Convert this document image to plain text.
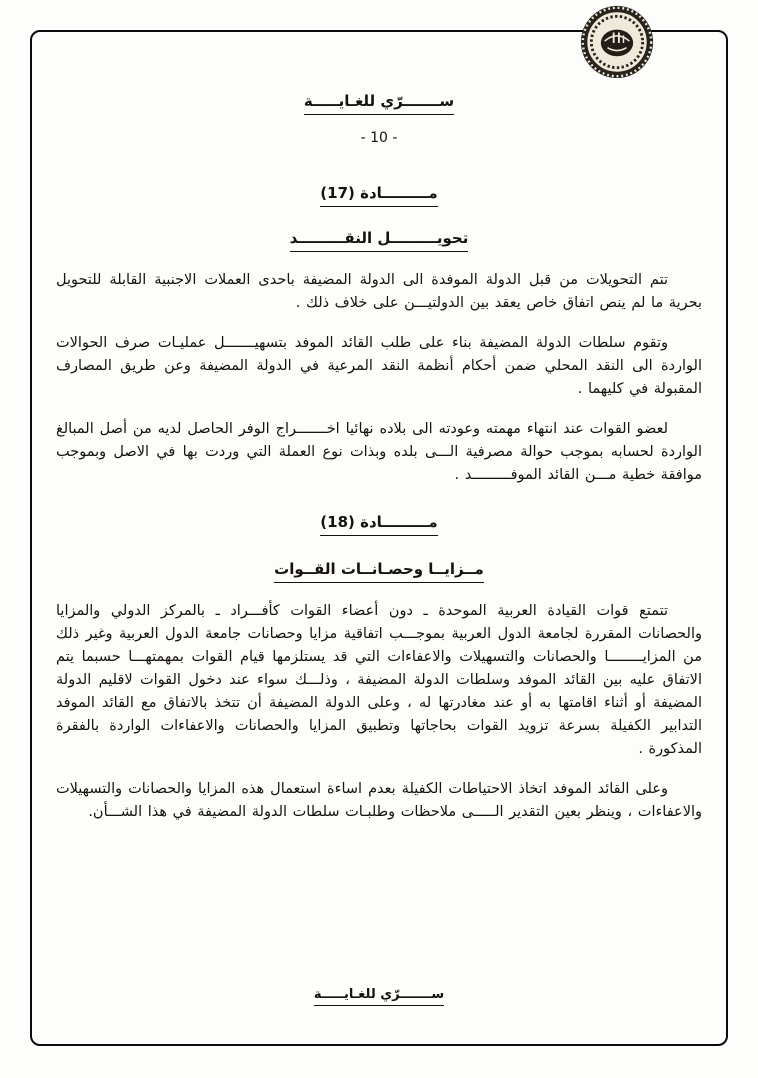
ســـــــرّي للغـايـــــة
- 10 -
مـــــــــادة (17)
تحويـــــــــل النقـــــــــد

تتم التحويلات من قبل الدولة الموفدة الى الدولة المضيفة باحدى العملات الاجنبية القابلة للتحويل بحرية ما لم ينص اتفاق خاص يعقد بين الدولتيـــن على خلاف ذلك .

وتقوم سلطات الدولة المضيفة بناء على طلب القائد الموفد بتسهيـــــــل عمليـات صرف الحوالات الواردة الى النقد المحلي ضمن أحكام أنظمة النقد المرعية في الدولة المضيفة وعن طريق المصارف المقبولة في كليهما .

لعضو القوات عند انتهاء مهمته وعودته الى بلاده نهائيا اخـــــــراج الوفر الحاصل لديه من أصل المبالغ الواردة لحسابه بموجب حوالة مصرفية الـــى بلده وبذات نوع العملة التي وردت بها في الاصل وبموجب موافقة خطية مـــن القائد الموفـــــــــد .

مـــــــــادة (18)
مــزايــا وحصـانــات القــوات

تتمتع قوات القيادة العربية الموحدة ـ دون أعضاء القوات كأفـــراد ـ بالمركز الدولي والمزايا والحصانات المقررة لجامعة الدول العربية بموجـــب اتفاقية مزايا وحصانات جامعة الدول العربية وغير ذلك من المزايــــــــا والحصانات والتسهيلات والاعفاءات التي قد يستلزمها قيام القوات بمهمتهـــا حسبما يتم الاتفاق عليه بين القائد الموفد وسلطات الدولة المضيفة ، وذلـــك سواء عند دخول القوات لاقليم الدولة المضيفة أو أثناء اقامتها به أو عند مغادرتها له ، وعلى الدولة المضيفة أن تتخذ بالاتفاق مع القائد الموفد التدابير الكفيلة بسرعة تزويد القوات بحاجاتها وتطبيق المزايا والحصانات والاعفاءات الواردة بالفقرة المذكورة .

وعلى القائد الموفد اتخاذ الاحتياطات الكفيلة بعدم اساءة استعمال هذه المزايا والحصانات والتسهيلات والاعفاءات ، وينظر بعين التقدير الـــــى ملاحظات وطلبـات سلطات الدولة المضيفة في هذا الشـــأن.

ســـــــرّي للغـايـــــة
